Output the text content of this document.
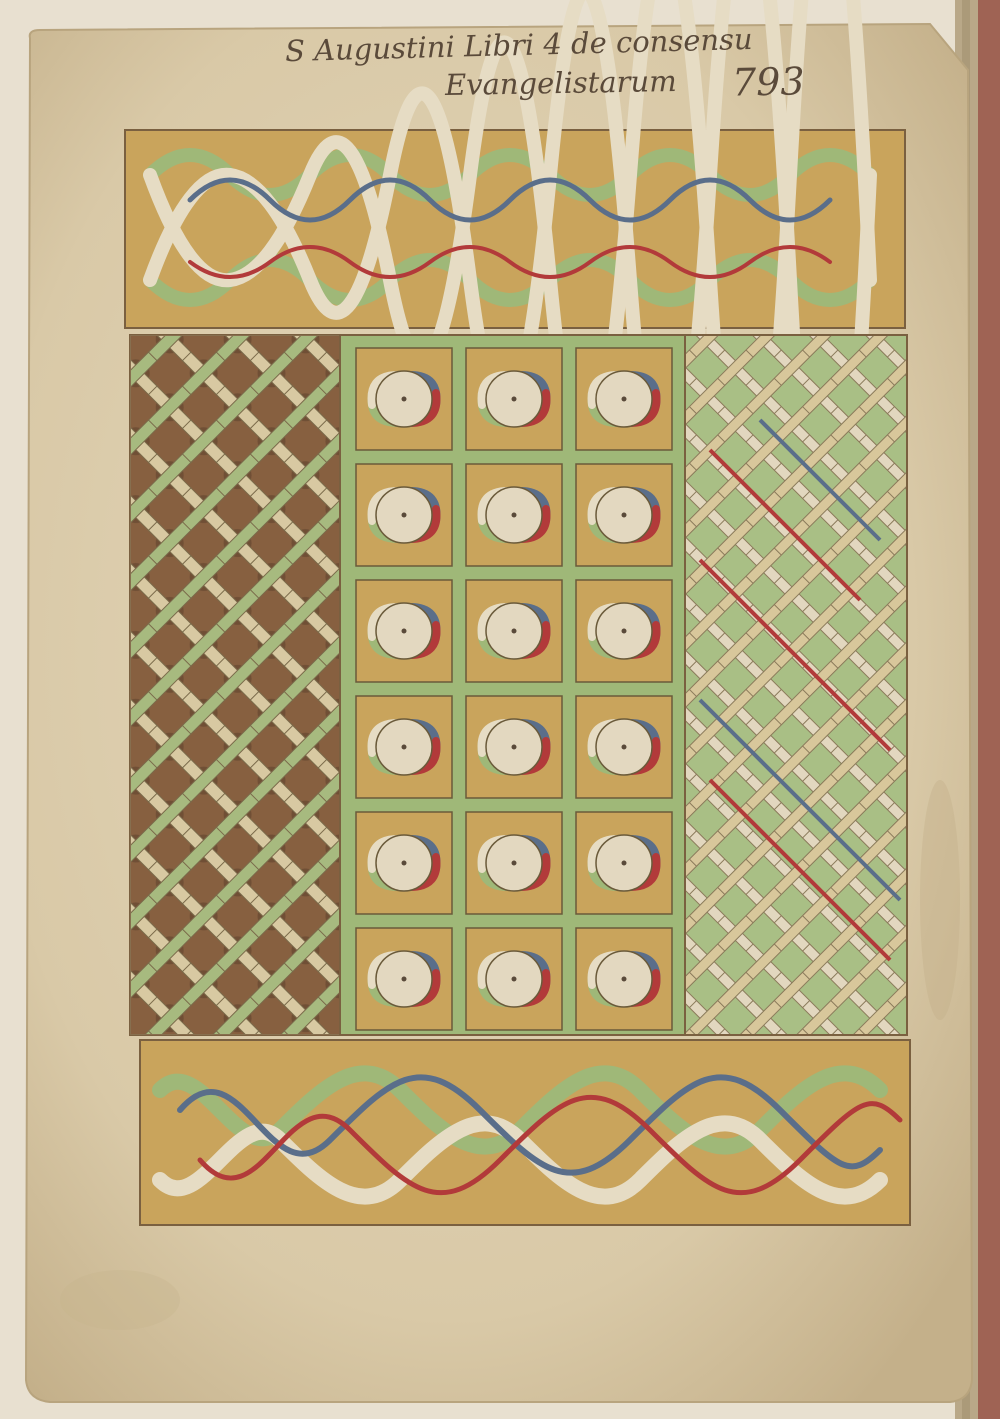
S Augustini Libri 4 de consensu
Evangelistarum 793
